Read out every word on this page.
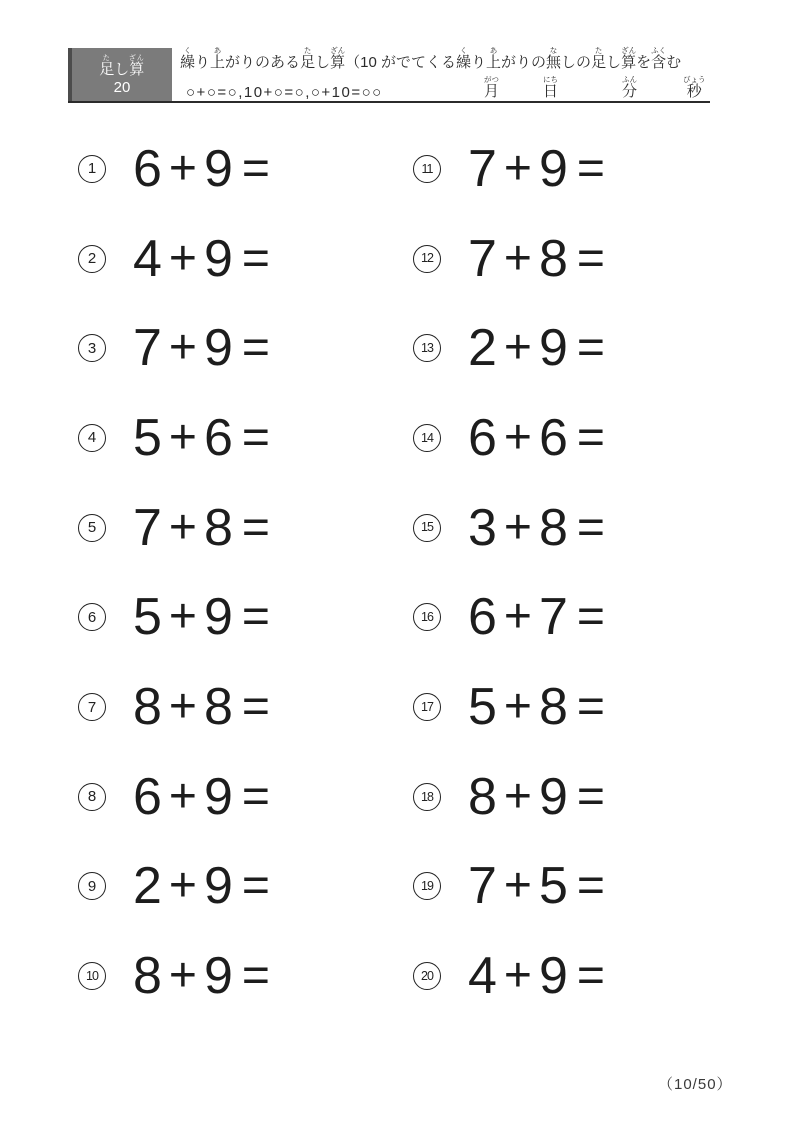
足たし算ざん
20
繰くり上あがりのある足たし算ざん（10 がでてくる繰くり上あがりの無なしの足たし算ざんを含ふくむ
○+○=○,10+○=○,○+10=○○	月がつ
日にち
分ふん
秒びょう
1 6 + 9 =
2 4 + 9 =
3 7 + 9 =
4 5 + 6 =
5 7 + 8 =
6 5 + 9 =
7 8 + 8 =
8 6 + 9 =
9 2 + 9 =
10 8 + 9 =
11 7 + 9 =
12 7 + 8 =
13 2 + 9 =
14 6 + 6 =
15 3 + 8 =
16 6 + 7 =
17 5 + 8 =
18 8 + 9 =
19 7 + 5 =
20 4 + 9 =
（10/50）
